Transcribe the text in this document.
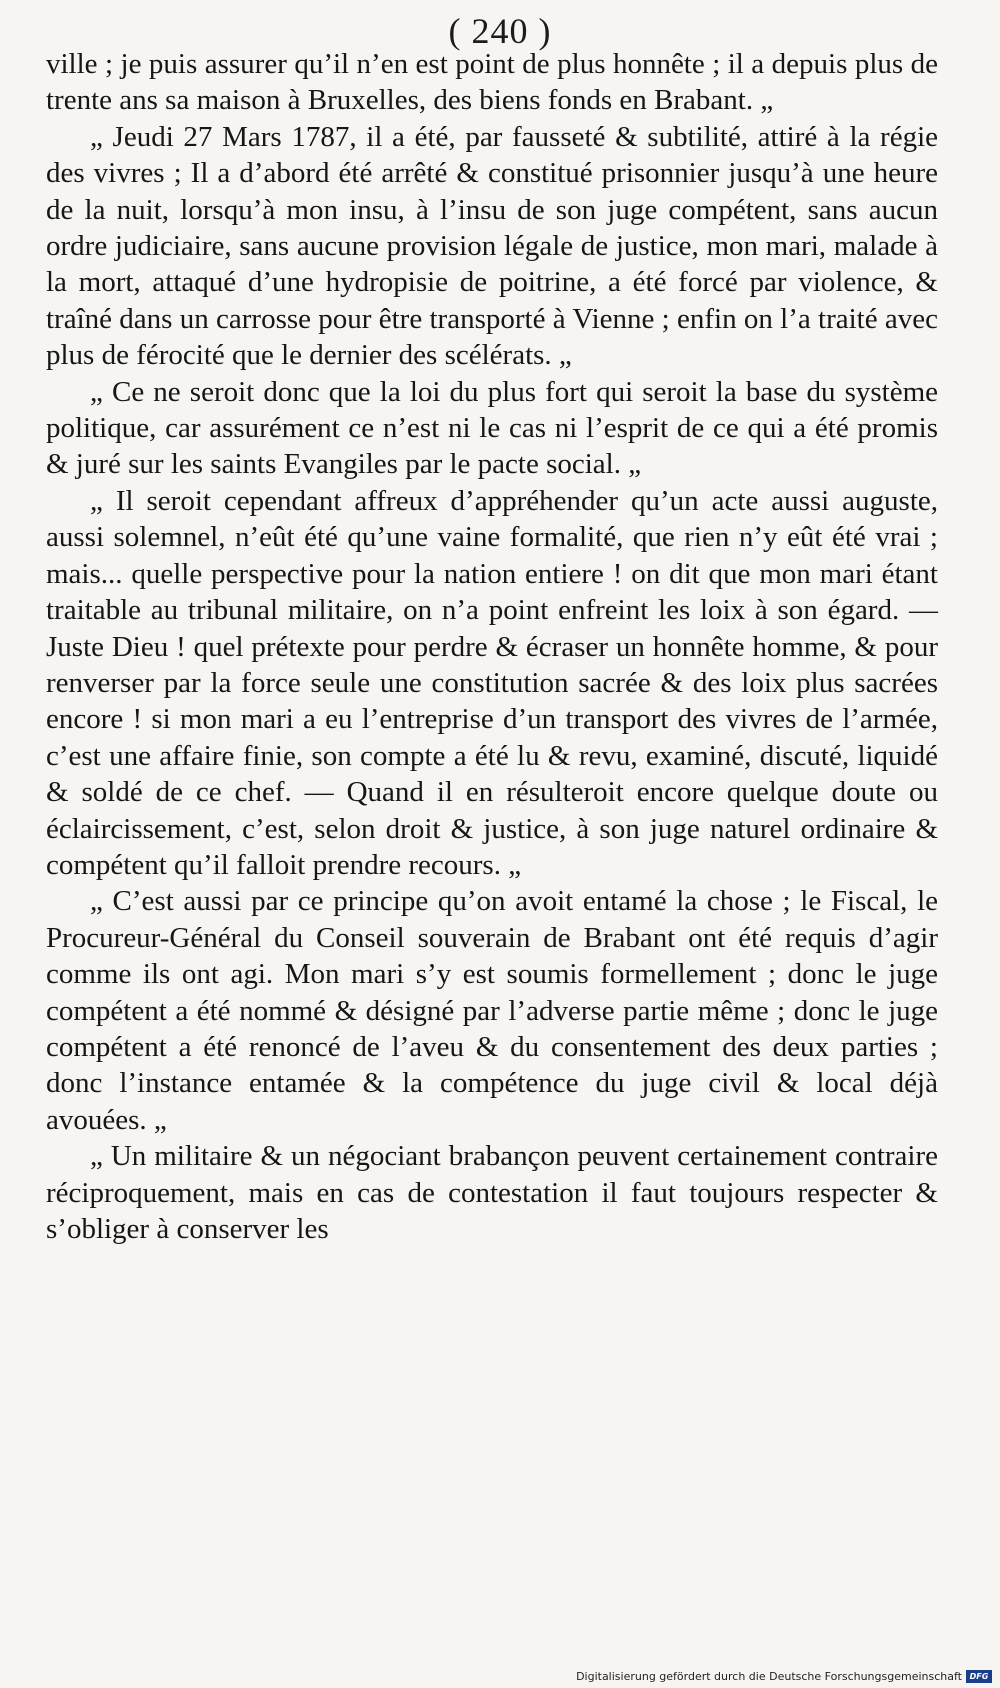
( 240 )

ville ; je puis assurer qu’il n’en est point de plus honnête ; il a depuis plus de trente ans sa maison à Bruxelles, des biens fonds en Brabant. „

„ Jeudi 27 Mars 1787, il a été, par fausseté & subtilité, attiré à la régie des vivres ; Il a d’abord été arrêté & constitué prisonnier jusqu’à une heure de la nuit, lorsqu’à mon insu, à l’insu de son juge compétent, sans aucun ordre judiciaire, sans aucune provision légale de justice, mon mari, malade à la mort, attaqué d’une hydropisie de poitrine, a été forcé par violence, & traîné dans un carrosse pour être transporté à Vienne ; enfin on l’a traité avec plus de férocité que le dernier des scélérats. „

„ Ce ne seroit donc que la loi du plus fort qui seroit la base du système politique, car assurément ce n’est ni le cas ni l’esprit de ce qui a été promis & juré sur les saints Evangiles par le pacte social. „

„ Il seroit cependant affreux d’appréhender qu’un acte aussi auguste, aussi solemnel, n’eût été qu’une vaine formalité, que rien n’y eût été vrai ; mais... quelle perspective pour la nation entiere ! on dit que mon mari étant traitable au tribunal militaire, on n’a point enfreint les loix à son égard. — Juste Dieu ! quel prétexte pour perdre & écraser un honnête homme, & pour renverser par la force seule une constitution sacrée & des loix plus sacrées encore ! si mon mari a eu l’entreprise d’un transport des vivres de l’armée, c’est une affaire finie, son compte a été lu & revu, examiné, discuté, liquidé & soldé de ce chef. — Quand il en résulteroit encore quelque doute ou éclaircissement, c’est, selon droit & justice, à son juge naturel ordinaire & compétent qu’il falloit prendre recours. „

„ C’est aussi par ce principe qu’on avoit entamé la chose ; le Fiscal, le Procureur-Général du Conseil souverain de Brabant ont été requis d’agir comme ils ont agi. Mon mari s’y est soumis formellement ; donc le juge compétent a été nommé & désigné par l’adverse partie même ; donc le juge compétent a été renoncé de l’aveu & du consentement des deux parties ; donc l’instance entamée & la compétence du juge civil & local déjà avouées. „

„ Un militaire & un négociant brabançon peuvent certainement contraire réciproquement, mais en cas de contestation il faut toujours respecter & s’obliger à conserver les

Digitalisierung gefördert durch die Deutsche Forschungsgemeinschaft DFG
